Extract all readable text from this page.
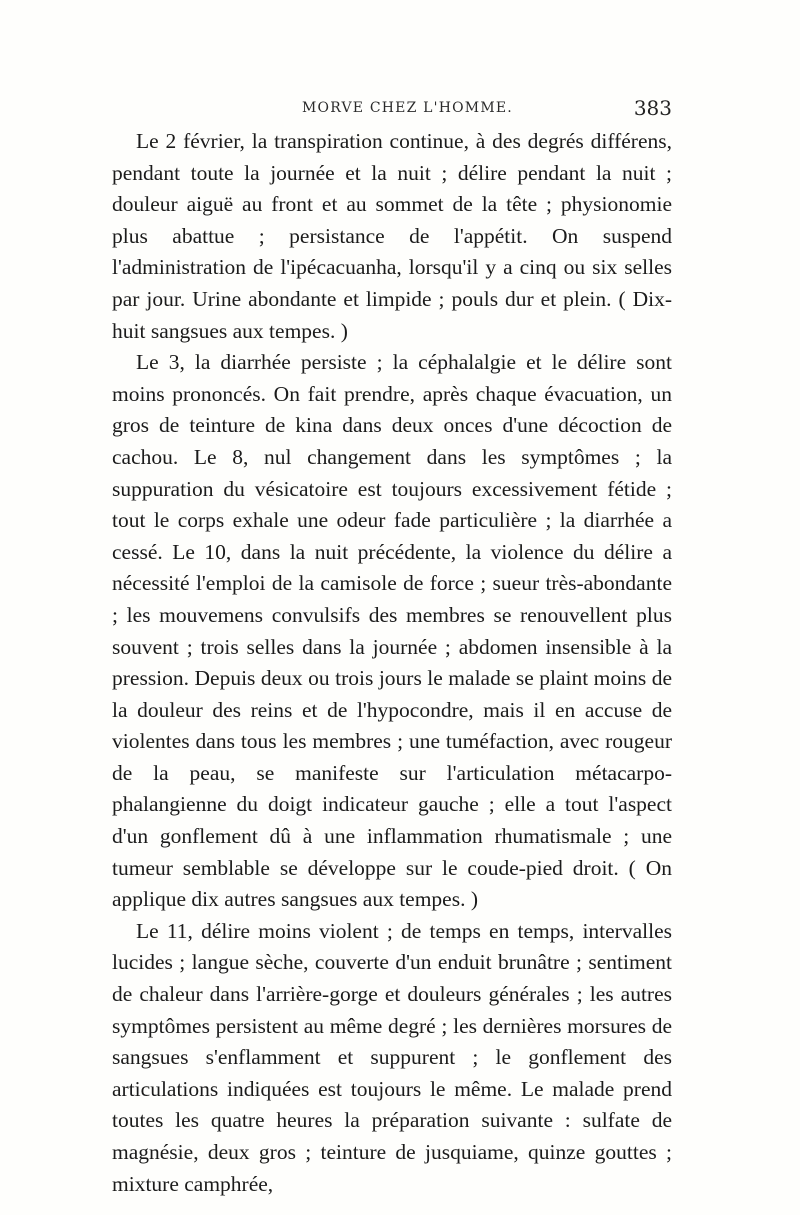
MORVE CHEZ L'HOMME.	383

Le 2 février, la transpiration continue, à des degrés différens, pendant toute la journée et la nuit ; délire pendant la nuit ; douleur aiguë au front et au sommet de la tête ; physionomie plus abattue ; persistance de l'appétit. On suspend l'administration de l'ipécacuanha, lorsqu'il y a cinq ou six selles par jour. Urine abondante et limpide ; pouls dur et plein. ( Dix-huit sangsues aux tempes. )

Le 3, la diarrhée persiste ; la céphalalgie et le délire sont moins prononcés. On fait prendre, après chaque évacuation, un gros de teinture de kina dans deux onces d'une décoction de cachou. Le 8, nul changement dans les symptômes ; la suppuration du vésicatoire est toujours excessivement fétide ; tout le corps exhale une odeur fade particulière ; la diarrhée a cessé. Le 10, dans la nuit précédente, la violence du délire a nécessité l'emploi de la camisole de force ; sueur très-abondante ; les mouvemens convulsifs des membres se renouvellent plus souvent ; trois selles dans la journée ; abdomen insensible à la pression. Depuis deux ou trois jours le malade se plaint moins de la douleur des reins et de l'hypocondre, mais il en accuse de violentes dans tous les membres ; une tuméfaction, avec rougeur de la peau, se manifeste sur l'articulation métacarpo-phalangienne du doigt indicateur gauche ; elle a tout l'aspect d'un gonflement dû à une inflammation rhumatismale ; une tumeur semblable se développe sur le coude-pied droit. ( On applique dix autres sangsues aux tempes. )

Le 11, délire moins violent ; de temps en temps, intervalles lucides ; langue sèche, couverte d'un enduit brunâtre ; sentiment de chaleur dans l'arrière-gorge et douleurs générales ; les autres symptômes persistent au même degré ; les dernières morsures de sangsues s'enflamment et suppurent ; le gonflement des articulations indiquées est toujours le même. Le malade prend toutes les quatre heures la préparation suivante : sulfate de magnésie, deux gros ; teinture de jusquiame, quinze gouttes ; mixture camphrée,
